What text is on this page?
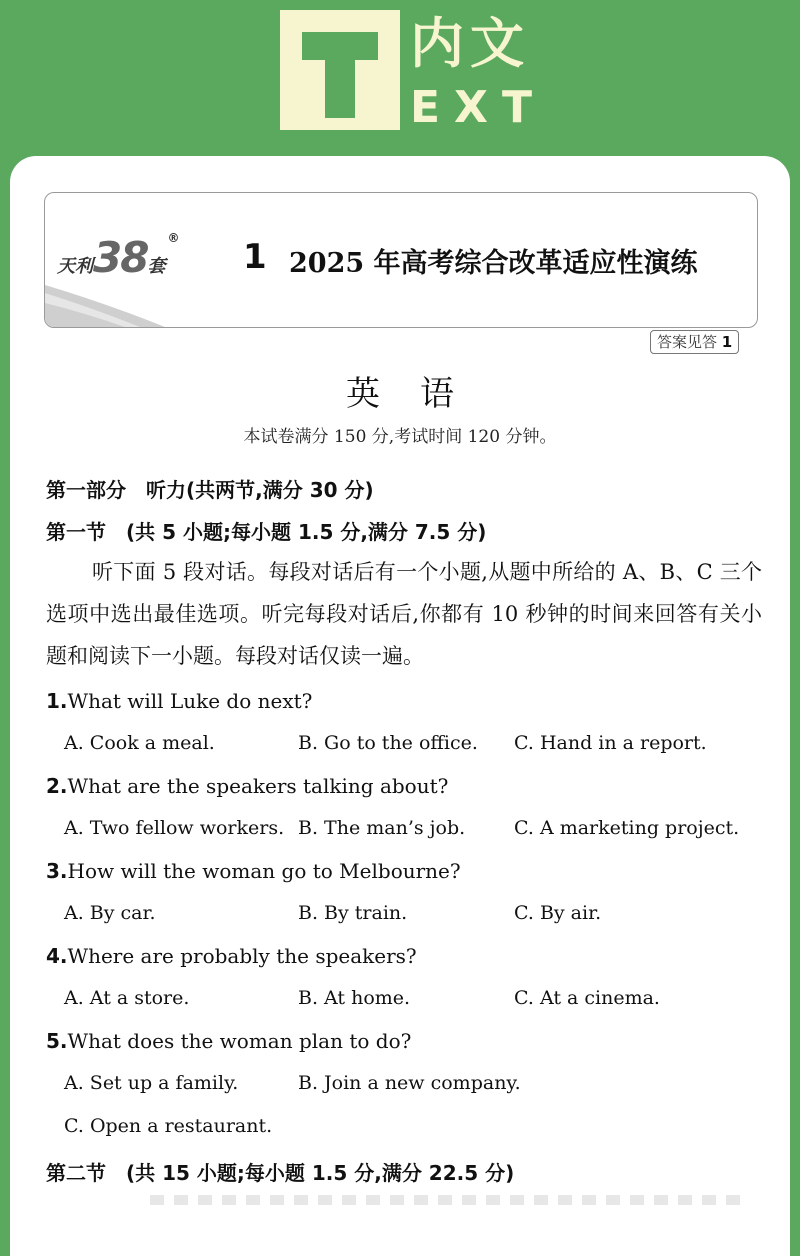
内文
EXT
天利38套
® 1 2025 年高考综合改革适应性演练
答案见答 1
英语
本试卷满分 150 分,考试时间 120 分钟。
第一部分　听力(共两节,满分 30 分)
第一节　(共 5 小题;每小题 1.5 分,满分 7.5 分)
听下面 5 段对话。每段对话后有一个小题,从题中所给的 A、B、C 三个选项中选出最佳选项。听完每段对话后,你都有 10 秒钟的时间来回答有关小题和阅读下一小题。每段对话仅读一遍。
1.What will Luke do next?
A. Cook a meal.	B. Go to the office. C. Hand in a report.
2.What are the speakers talking about?
A. Two fellow workers. B. The man’s job.	C. A marketing project.
3.How will the woman go to Melbourne?
A. By car.	B. By train.	C. By air.
4.Where are probably the speakers?
A. At a store.	B. At home.	C. At a cinema.
5.What does the woman plan to do?
A. Set up a family.	B. Join a new company.
C. Open a restaurant.
第二节　(共 15 小题;每小题 1.5 分,满分 22.5 分)
